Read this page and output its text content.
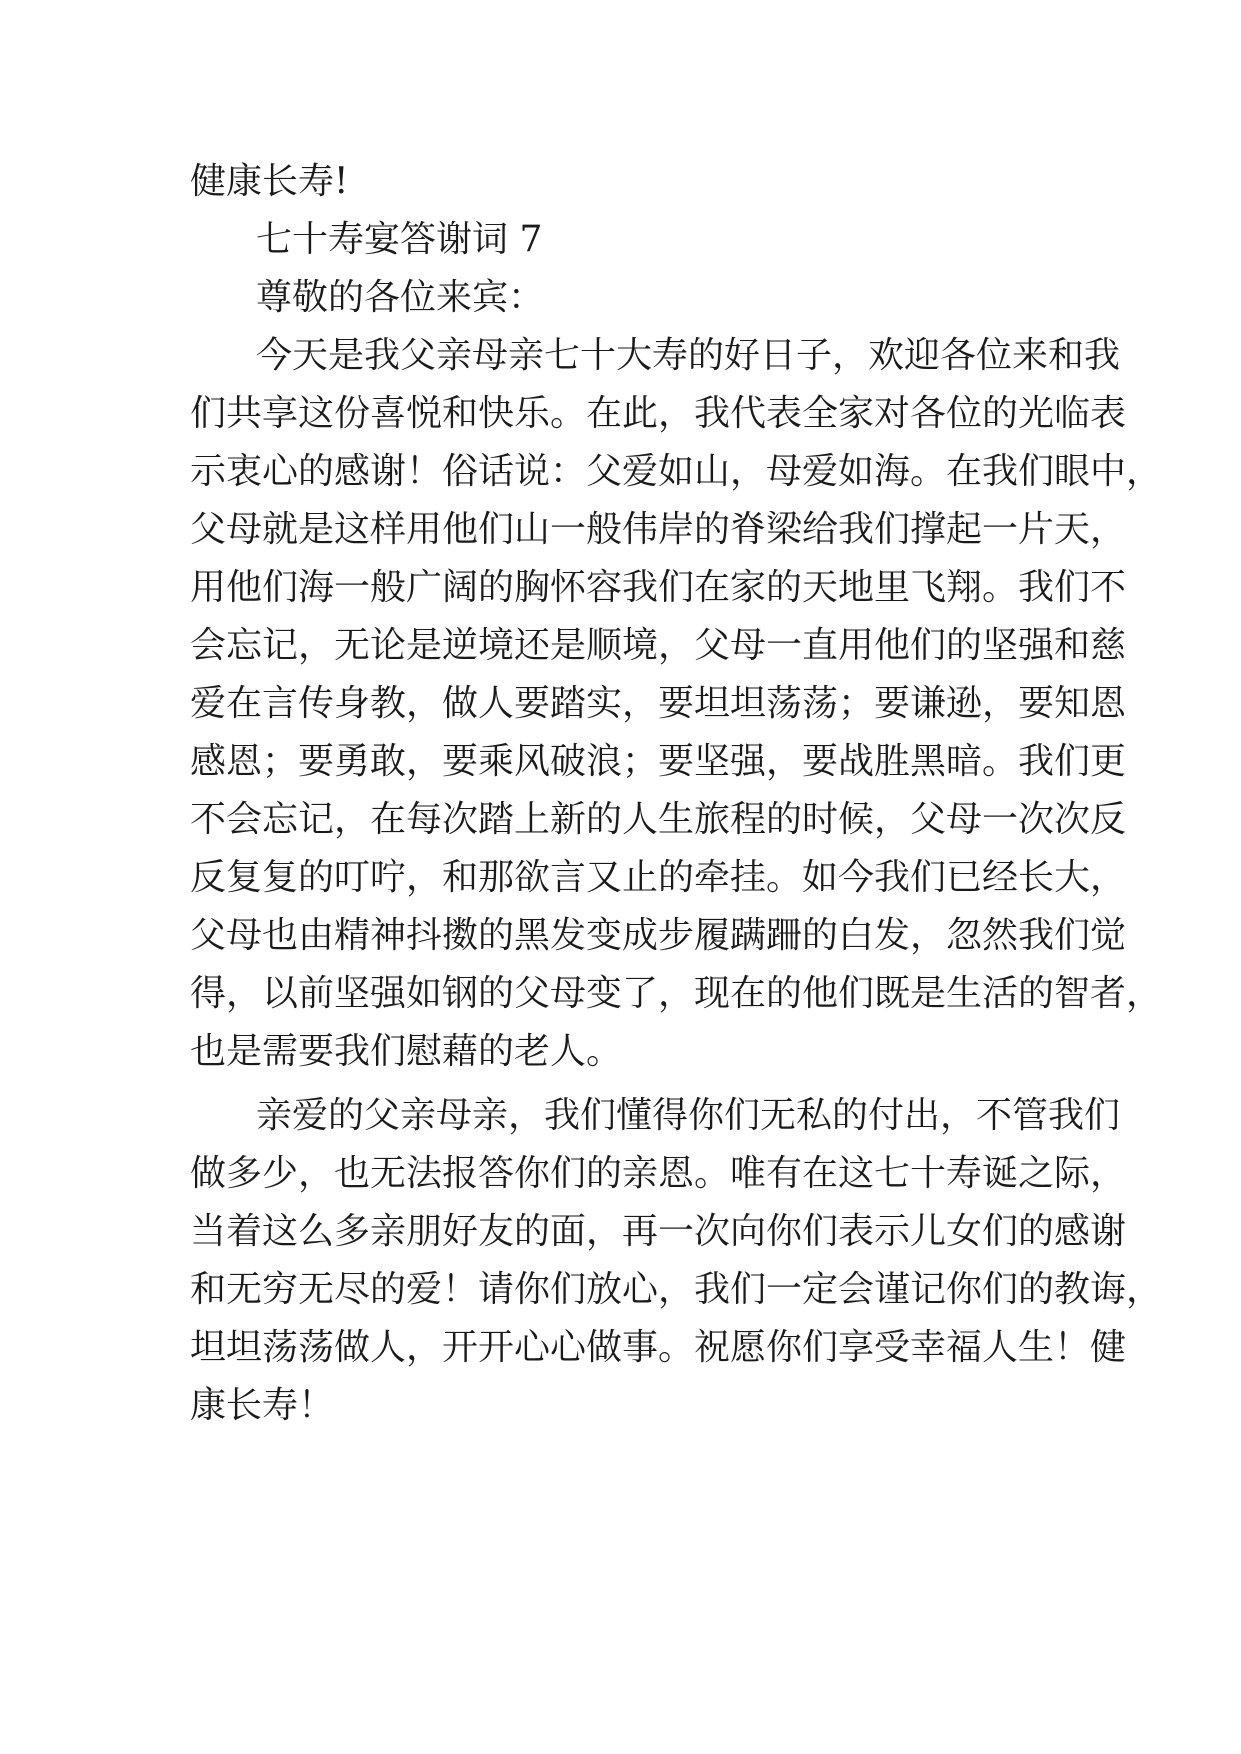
健康长寿!
七十寿宴答谢词 7
尊敬的各位来宾：
今天是我父亲母亲七十大寿的好日子，欢迎各位来和我
们共享这份喜悦和快乐。在此，我代表全家对各位的光临表
示衷心的感谢！俗话说：父爱如山，母爱如海。在我们眼中，
父母就是这样用他们山一般伟岸的脊梁给我们撑起一片天，
用他们海一般广阔的胸怀容我们在家的天地里飞翔。我们不
会忘记，无论是逆境还是顺境，父母一直用他们的坚强和慈
爱在言传身教，做人要踏实，要坦坦荡荡；要谦逊，要知恩
感恩；要勇敢，要乘风破浪；要坚强，要战胜黑暗。我们更
不会忘记，在每次踏上新的人生旅程的时候，父母一次次反
反复复的叮咛，和那欲言又止的牵挂。如今我们已经长大，
父母也由精神抖擞的黑发变成步履蹒跚的白发，忽然我们觉
得，以前坚强如钢的父母变了，现在的他们既是生活的智者，
也是需要我们慰藉的老人。
亲爱的父亲母亲，我们懂得你们无私的付出，不管我们
做多少，也无法报答你们的亲恩。唯有在这七十寿诞之际，
当着这么多亲朋好友的面，再一次向你们表示儿女们的感谢
和无穷无尽的爱！请你们放心，我们一定会谨记你们的教诲，
坦坦荡荡做人，开开心心做事。祝愿你们享受幸福人生！健
康长寿！
